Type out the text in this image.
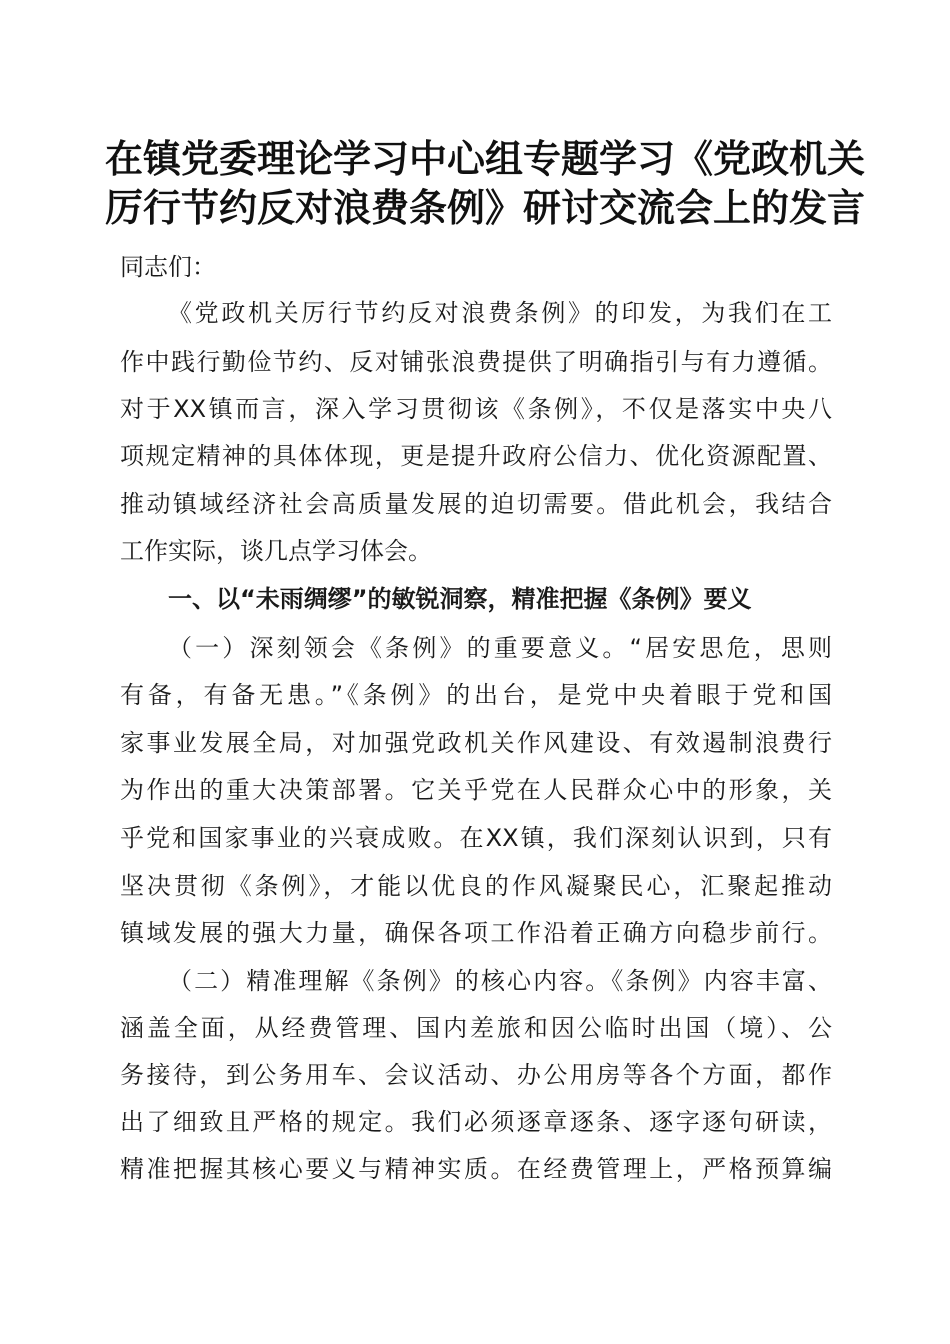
在镇党委理论学习中心组专题学习《党政机关
厉行节约反对浪费条例》研讨交流会上的发言
同志们：
《党政机关厉行节约反对浪费条例》的印发，为我们在工
作中践行勤俭节约、反对铺张浪费提供了明确指引与有力遵循。
对于XX镇而言，深入学习贯彻该《条例》，不仅是落实中央八
项规定精神的具体体现，更是提升政府公信力、优化资源配置、
推动镇域经济社会高质量发展的迫切需要。借此机会，我结合
工作实际，谈几点学习体会。
一、以“未雨绸缪”的敏锐洞察，精准把握《条例》要义
（一）深刻领会《条例》的重要意义。“居安思危，思则
有备，有备无患。”《条例》的出台，是党中央着眼于党和国
家事业发展全局，对加强党政机关作风建设、有效遏制浪费行
为作出的重大决策部署。它关乎党在人民群众心中的形象，关
乎党和国家事业的兴衰成败。在XX镇，我们深刻认识到，只有
坚决贯彻《条例》，才能以优良的作风凝聚民心，汇聚起推动
镇域发展的强大力量，确保各项工作沿着正确方向稳步前行。
（二）精准理解《条例》的核心内容。《条例》内容丰富、
涵盖全面，从经费管理、国内差旅和因公临时出国（境）、公
务接待，到公务用车、会议活动、办公用房等各个方面，都作
出了细致且严格的规定。我们必须逐章逐条、逐字逐句研读，
精准把握其核心要义与精神实质。在经费管理上，严格预算编
